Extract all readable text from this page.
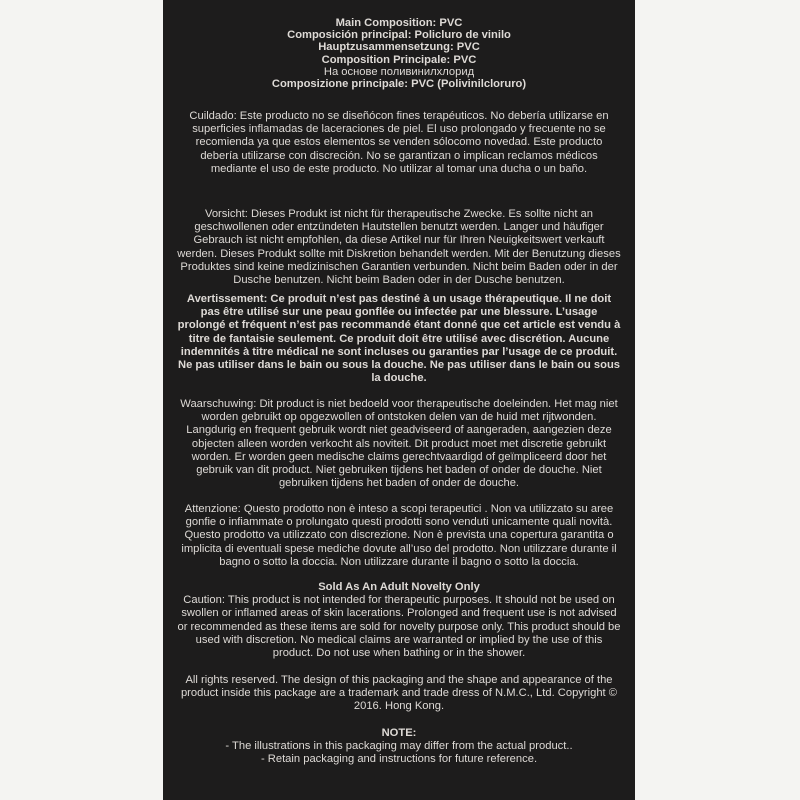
Main Composition: PVC

Composición principal: Policluro de vinilo

Hauptzusammensetzung: PVC

Composition Principale: PVC

На основе поливинилхлорид

Composizione principale: PVC (Polivinilcloruro)

Cuildado: Este producto no se diseñócon fines terapéuticos. No debería utilizarse en superficies inflamadas de laceraciones de piel. El uso prolongado y frecuente no se recomienda ya que estos elementos se venden sólocomo novedad. Este producto debería utilizarse con discreción. No se garantizan o implican reclamos médicos mediante el uso de este producto. No utilizar al tomar una ducha o un baño.

Vorsicht: Dieses Produkt ist nicht für therapeutische Zwecke. Es sollte nicht an geschwollenen oder entzündeten Hautstellen benutzt werden. Langer und häufiger Gebrauch ist nicht empfohlen, da diese Artikel nur für Ihren Neuigkeitswert verkauft werden. Dieses Produkt sollte mit Diskretion behandelt werden. Mit der Benutzung dieses Produktes sind keine medizinischen Garantien verbunden. Nicht beim Baden oder in der Dusche benutzen. Nicht beim Baden oder in der Dusche benutzen.

Avertissement: Ce produit n’est pas destiné à un usage thérapeutique. Il ne doit pas être utilisé sur une peau gonflée ou infectée par une blessure. L’usage prolongé et fréquent n’est pas recommandé étant donné que cet article est vendu à titre de fantaisie seulement. Ce produit doit être utilisé avec discrétion. Aucune indemnités à titre médical ne sont incluses ou garanties par l’usage de ce produit. Ne pas utiliser dans le bain ou sous la douche. Ne pas utiliser dans le bain ou sous la douche.

Waarschuwing: Dit product is niet bedoeld voor therapeutische doeleinden. Het mag niet worden gebruikt op opgezwollen of ontstoken delen van de huid met rijtwonden. Langdurig en frequent gebruik wordt niet geadviseerd of aangeraden, aangezien deze objecten alleen worden verkocht als noviteit. Dit product moet met discretie gebruikt worden. Er worden geen medische claims gerechtvaardigd of geïmpliceerd door het gebruik van dit product. Niet gebruiken tijdens het baden of onder de douche. Niet gebruiken tijdens het baden of onder de douche.

Attenzione: Questo prodotto non è inteso a scopi terapeutici . Non va utilizzato su aree gonfie o infiammate o prolungato questi prodotti sono venduti unicamente quali novità. Questo prodotto va utilizzato con discrezione. Non è prevista una copertura garantita o implicita di eventuali spese mediche dovute all’uso del prodotto. Non utilizzare durante il bagno o sotto la doccia. Non utilizzare durante il bagno o sotto la doccia.

Sold As An Adult Novelty Only

Caution: This product is not intended for therapeutic purposes. It should not be used on swollen or inflamed areas of skin lacerations. Prolonged and frequent use is not advised or recommended as these items are sold for novelty purpose only. This product should be used with discretion. No medical claims are warranted or implied by the use of this product. Do not use when bathing or in the shower.

All rights reserved. The design of this packaging and the shape and appearance of the product inside this package are a trademark and trade dress of N.M.C., Ltd. Copyright © 2016. Hong Kong.

NOTE:

- The illustrations in this packaging may differ from the actual product..

- Retain packaging and instructions for future reference.
